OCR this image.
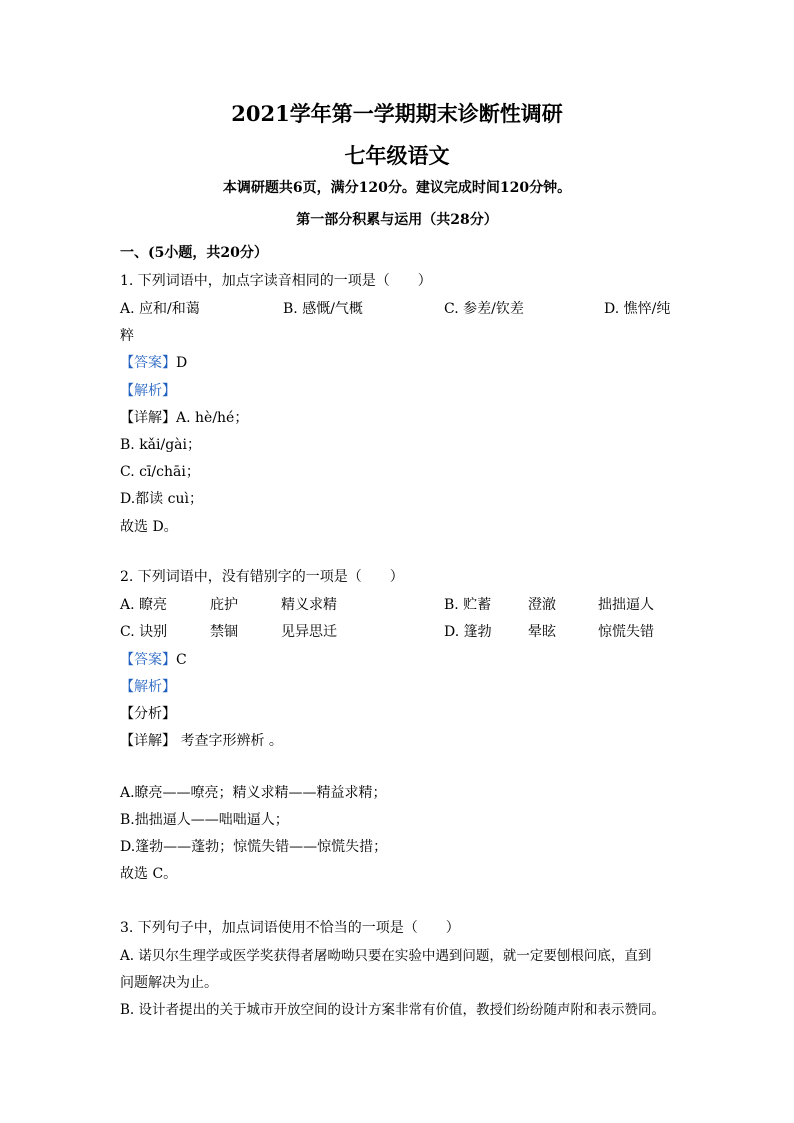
2021学年第一学期期末诊断性调研
七年级语文
本调研题共6页，满分120分。建议完成时间120分钟。
第一部分积累与运用（共28分）
一、(5小题，共20分）
1. 下列词语中，加点字读音相同的一项是（　　）
A. 应和/和蔼	B. 感慨/气概	C. 参差/钦差	D. 憔悴/纯
粹
【答案】D
【解析】
【详解】A. hè/hé；
B. kǎi/gài；
C. cī/chāi；
D.都读 cuì；
故选 D。
2. 下列词语中，没有错别字的一项是（　　）
A. 瞭亮	庇护	精义求精	B. 贮蓄	澄澈	拙拙逼人
C. 诀别	禁锢	见异思迁	D. 篷勃	晕眩	惊慌失错
【答案】C
【解析】
【分析】
【详解】 考查字形辨析 。
A.瞭亮——嘹亮；精义求精——精益求精；
B.拙拙逼人——咄咄逼人；
D.篷勃——蓬勃；惊慌失错——惊慌失措；
故选 C。
3. 下列句子中，加点词语使用不恰当的一项是（　　）
A. 诺贝尔生理学或医学奖获得者屠呦呦只要在实验中遇到问题，就一定要刨根问底，直到
问题解决为止。
B. 设计者提出的关于城市开放空间的设计方案非常有价值，教授们纷纷随声附和表示赞同。
